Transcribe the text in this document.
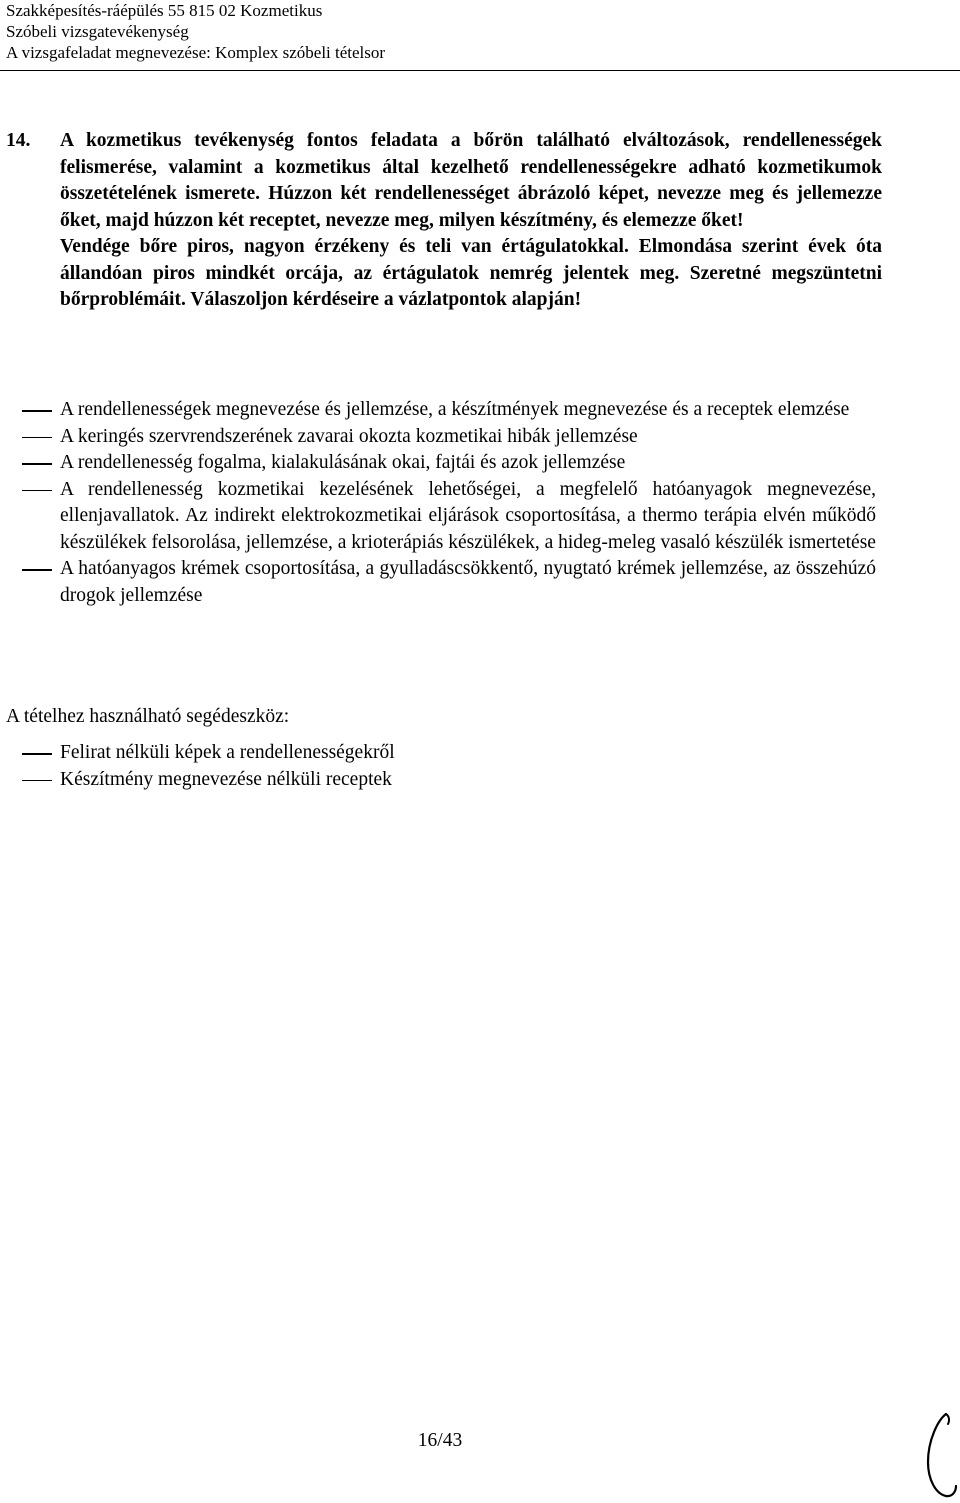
Szakképesítés-ráépülés 55 815 02 Kozmetikus
Szóbeli vizsgatevékenység
A vizsgafeladat megnevezése: Komplex szóbeli tételsor
14. A kozmetikus tevékenység fontos feladata a bőrön található elváltozások, rendellenességek felismerése, valamint a kozmetikus által kezelhető rendellenességekre adható kozmetikumok összetételének ismerete. Húzzon két rendellenességet ábrázoló képet, nevezze meg és jellemezze őket, majd húzzon két receptet, nevezze meg, milyen készítmény, és elemezze őket!

Vendége bőre piros, nagyon érzékeny és teli van értágulatokkal. Elmondása szerint évek óta állandóan piros mindkét orcája, az értágulatok nemrég jelentek meg. Szeretné megszüntetni bőrproblémáit. Válaszoljon kérdéseire a vázlatpontok alapján!

A rendellenességek megnevezése és jellemzése, a készítmények megnevezése és a receptek elemzése
A keringés szervrendszerének zavarai okozta kozmetikai hibák jellemzése
A rendellenesség fogalma, kialakulásának okai, fajtái és azok jellemzése
A rendellenesség kozmetikai kezelésének lehetőségei, a megfelelő hatóanyagok megnevezése, ellenjavallatok. Az indirekt elektrokozmetikai eljárások csoportosítása, a thermo terápia elvén működő készülékek felsorolása, jellemzése, a krioterápiás készülékek, a hideg-meleg vasaló készülék ismertetése
A hatóanyagos krémek csoportosítása, a gyulladáscsökkentő, nyugtató krémek jellemzése, az összehúzó drogok jellemzése
A tételhez használható segédeszköz:
Felirat nélküli képek a rendellenességekről
Készítmény megnevezése nélküli receptek
16/43
